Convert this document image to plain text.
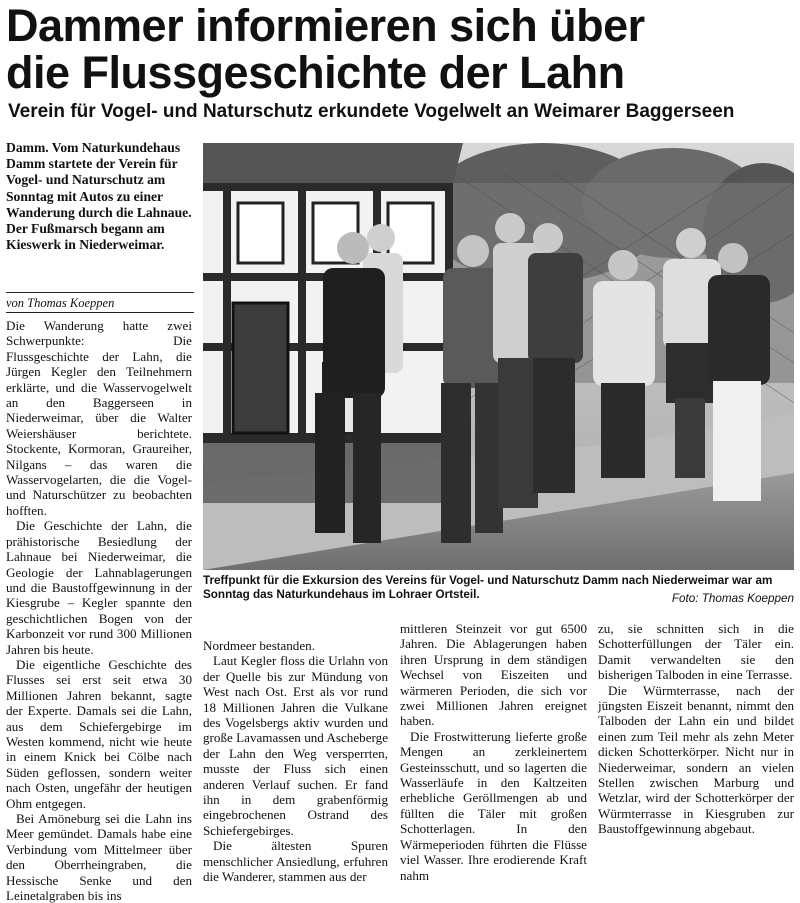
Dammer informieren sich über
die Flussgeschichte der Lahn
Verein für Vogel- und Naturschutz erkundete Vogelwelt an Weimarer Baggerseen

Damm. Vom Naturkundehaus Damm startete der Verein für Vogel- und Naturschutz am Sonntag mit Autos zu einer Wanderung durch die Lahnaue. Der Fußmarsch begann am Kieswerk in Niederweimar.

von Thomas Koeppen

Die Wanderung hatte zwei Schwerpunkte: Die Flussgeschichte der Lahn, die Jürgen Kegler den Teilnehmern erklärte, und die Wasservogelwelt an den Baggerseen in Niederweimar, über die Walter Weiershäuser berichtete. Stockente, Kormoran, Graureiher, Nilgans – das waren die Wasservogelarten, die die Vogel- und Naturschützer zu beobachten hofften.

Die Geschichte der Lahn, die prähistorische Besiedlung der Lahnaue bei Niederweimar, die Geologie der Lahnablagerungen und die Baustoffgewinnung in der Kiesgrube – Kegler spannte den geschichtlichen Bogen von der Karbonzeit vor rund 300 Millionen Jahren bis heute.

Die eigentliche Geschichte des Flusses sei erst seit etwa 30 Millionen Jahren bekannt, sagte der Experte. Damals sei die Lahn, aus dem Schiefergebirge im Westen kommend, nicht wie heute in einem Knick bei Cölbe nach Süden geflossen, sondern weiter nach Osten, ungefähr der heutigen Ohm entgegen.

Bei Amöneburg sei die Lahn ins Meer gemündet. Damals habe eine Verbindung vom Mittelmeer über den Oberrheingraben, die Hessische Senke und den Leinetalgraben bis ins

Treffpunkt für die Exkursion des Vereins für Vogel- und Naturschutz Damm nach Niederweimar war am Sonntag das Naturkundehaus im Lohraer Ortsteil.	Foto: Thomas Koeppen

Nordmeer bestanden.

Laut Kegler floss die Urlahn von der Quelle bis zur Mündung von West nach Ost. Erst als vor rund 18 Millionen Jahren die Vulkane des Vogelsbergs aktiv wurden und große Lavamassen und Ascheberge der Lahn den Weg versperrten, musste der Fluss sich einen anderen Verlauf suchen. Er fand ihn in dem grabenförmig eingebrochenen Ostrand des Schiefergebirges.

Die ältesten Spuren menschlicher Ansiedlung, erfuhren die Wanderer, stammen aus der

mittleren Steinzeit vor gut 6500 Jahren. Die Ablagerungen haben ihren Ursprung in dem ständigen Wechsel von Eiszeiten und wärmeren Perioden, die sich vor zwei Millionen Jahren ereignet haben.

Die Frostwitterung lieferte große Mengen an zerkleinertem Gesteinsschutt, und so lagerten die Wasserläufe in den Kaltzeiten erhebliche Geröllmengen ab und füllten die Täler mit großen Schotterlagen. In den Wärmeperioden führten die Flüsse viel Wasser. Ihre erodierende Kraft nahm

zu, sie schnitten sich in die Schotterfüllungen der Täler ein. Damit verwandelten sie den bisherigen Talboden in eine Terrasse.

Die Würmterrasse, nach der jüngsten Eiszeit benannt, nimmt den Talboden der Lahn ein und bildet einen zum Teil mehr als zehn Meter dicken Schotterkörper. Nicht nur in Niederweimar, sondern an vielen Stellen zwischen Marburg und Wetzlar, wird der Schotterkörper der Würmterrasse in Kiesgruben zur Baustoffgewinnung abgebaut.
